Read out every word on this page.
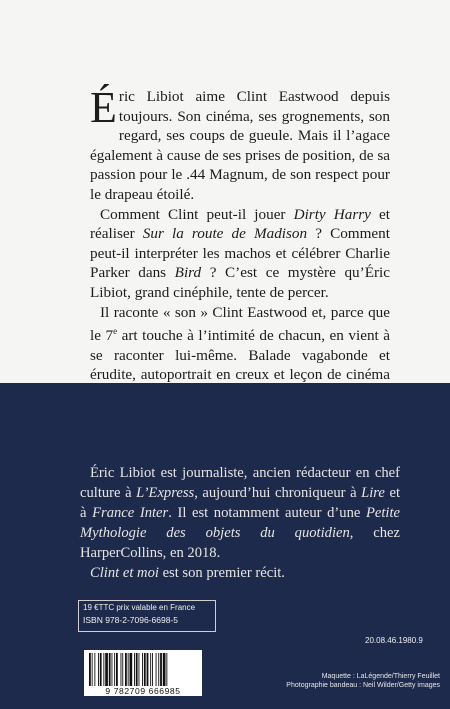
Éric Libiot aime Clint Eastwood depuis toujours. Son cinéma, ses grognements, son regard, ses coups de gueule. Mais il l’agace également à cause de ses prises de position, de sa passion pour le .44 Magnum, de son respect pour le drapeau étoilé.

Comment Clint peut-il jouer Dirty Harry et réaliser Sur la route de Madison ? Comment peut-il interpréter les machos et célébrer Charlie Parker dans Bird ? C’est ce mystère qu’Éric Libiot, grand cinéphile, tente de percer.

Il raconte « son » Clint Eastwood et, parce que le 7e art touche à l’intimité de chacun, en vient à se raconter lui-même. Balade vagabonde et érudite, autoportrait en creux et leçon de cinéma

Éric Libiot est journaliste, ancien rédacteur en chef culture à L’Express, aujourd’hui chroniqueur à Lire et à France Inter. Il est notamment auteur d’une Petite Mythologie des objets du quotidien, chez HarperCollins, en 2018.

Clint et moi est son premier récit.

19 €TTC prix valable en France
ISBN 978-2-7096-6698-5
20.08.46.1980.9
9 782709 666985
Maquette : LaLégende/Thierry Feuillet
Photographie bandeau : Neil Wilder/Getty images
